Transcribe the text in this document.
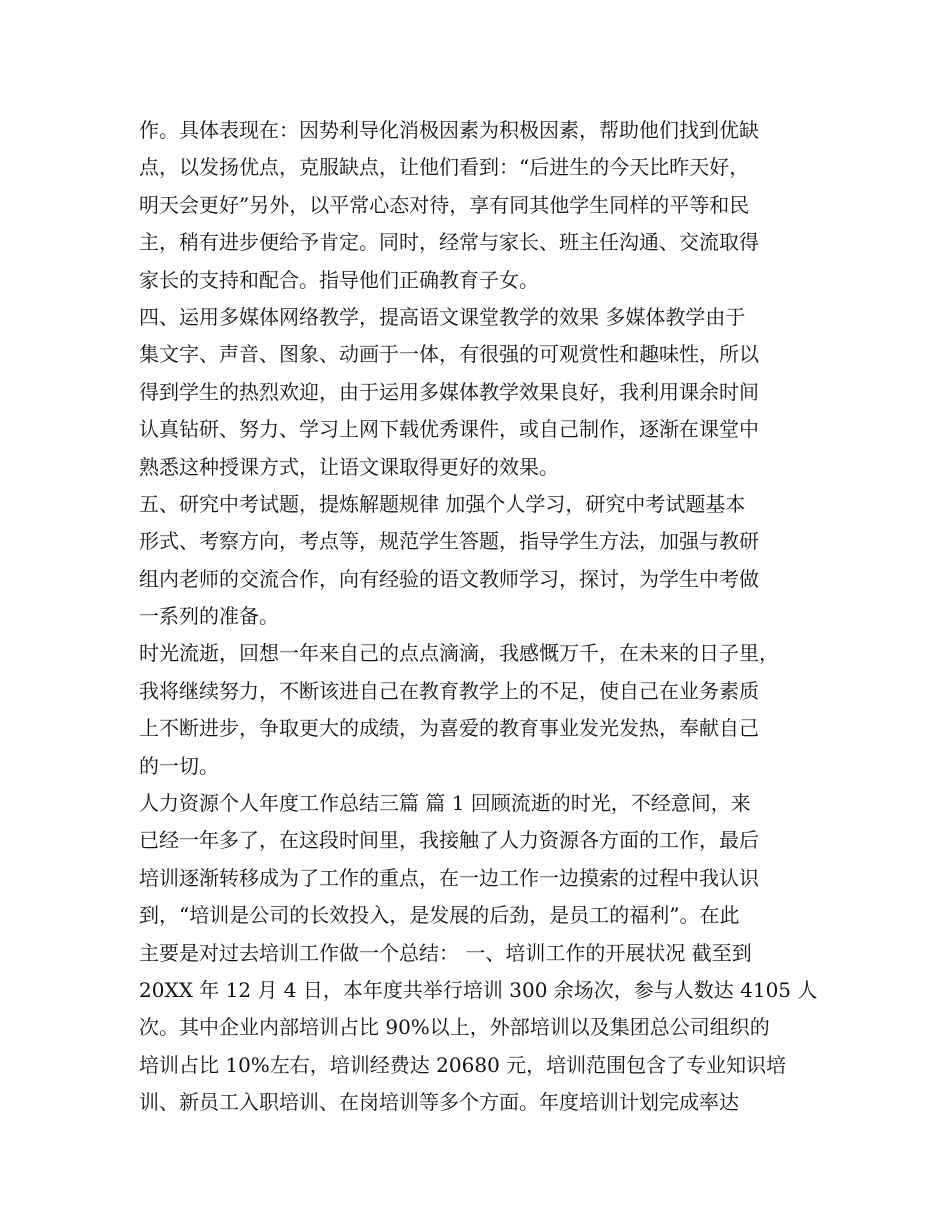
作。具体表现在：因势利导化消极因素为积极因素，帮助他们找到优缺
点，以发扬优点，克服缺点，让他们看到：“后进生的今天比昨天好，
明天会更好”另外，以平常心态对待，享有同其他学生同样的平等和民
主，稍有进步便给予肯定。同时，经常与家长、班主任沟通、交流取得
家长的支持和配合。指导他们正确教育子女。
四、运用多媒体网络教学，提高语文课堂教学的效果 多媒体教学由于
集文字、声音、图象、动画于一体，有很强的可观赏性和趣味性，所以
得到学生的热烈欢迎，由于运用多媒体教学效果良好，我利用课余时间
认真钻研、努力、学习上网下载优秀课件，或自己制作，逐渐在课堂中
熟悉这种授课方式，让语文课取得更好的效果。
五、研究中考试题，提炼解题规律 加强个人学习，研究中考试题基本
形式、考察方向，考点等，规范学生答题，指导学生方法，加强与教研
组内老师的交流合作，向有经验的语文教师学习，探讨，为学生中考做
一系列的准备。
时光流逝，回想一年来自己的点点滴滴，我感慨万千，在未来的日子里，
我将继续努力，不断该进自己在教育教学上的不足，使自己在业务素质
上不断进步，争取更大的成绩，为喜爱的教育事业发光发热，奉献自己
的一切。
人力资源个人年度工作总结三篇 篇 1 回顾流逝的时光，不经意间，来
已经一年多了，在这段时间里，我接触了人力资源各方面的工作，最后
培训逐渐转移成为了工作的重点，在一边工作一边摸索的过程中我认识
到，“培训是公司的长效投入，是发展的后劲，是员工的福利”。在此
主要是对过去培训工作做一个总结： 一、培训工作的开展状况 截至到
20XX 年 12 月 4 日，本年度共举行培训 300 余场次，参与人数达 4105 人
次。其中企业内部培训占比 90%以上，外部培训以及集团总公司组织的
培训占比 10%左右，培训经费达 20680 元，培训范围包含了专业知识培
训、新员工入职培训、在岗培训等多个方面。年度培训计划完成率达
